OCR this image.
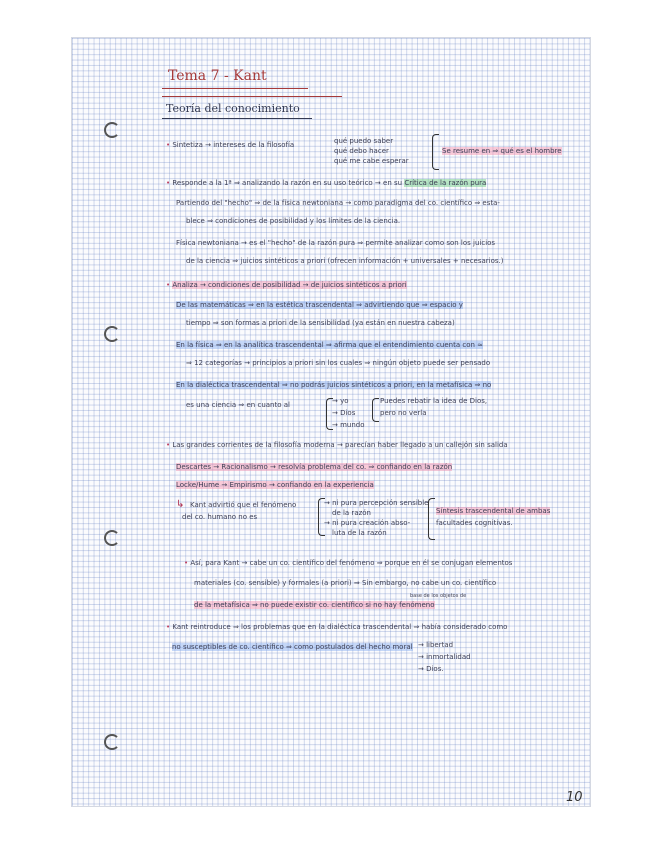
Tema 7 - Kant
Teoría del conocimiento
• Sintetiza → intereses de la filosofía	qué puedo saber
qué debo hacer
qué me cabe esperar
Se resume en ⇒ qué es el hombre
• Responde a la 1ª ⇒ analizando la razón en su uso teórico → en su Crítica de la razón pura
Partiendo del "hecho" ⇒ de la física newtoniana → como paradigma del co. científico ⇒ esta-
blece ⇒ condiciones de posibilidad y los límites de la ciencia.
Física newtoniana → es el "hecho" de la razón pura ⇒ permite analizar como son los juicios
de la ciencia ⇒ juicios sintéticos a priori (ofrecen información + universales + necesarios.)
• Analiza → condiciones de posibilidad → de juicios sintéticos a priori
De las matemáticas ⇒ en la estética trascendental ⇒ advirtiendo que ⇒ espacio y
tiempo ⇒ son formas a priori de la sensibilidad (ya están en nuestra cabeza)
En la física ⇒ en la analítica trascendental ⇒ afirma que el entendimiento cuenta con ≈
⇒ 12 categorías → principios a priori sin los cuales ⇒ ningún objeto puede ser pensado
En la dialéctica trascendental ⇒ no podrás juicios sintéticos a priori, en la metafísica ⇒ no
es una ciencia ⇒ en cuanto al	→ yo
→ Dios
→ mundo
Puedes rebatir la idea de Dios,
pero no verla
• Las grandes corrientes de la filosofía moderna → parecían haber llegado a un callejón sin salida
Descartes → Racionalismo → resolvía problema del co. ⇒ confiando en la razón
Locke/Hume → Empirismo → confiando en la experiencia
↳ Kant advirtió que el fenómeno
del co. humano no es
→ ni pura percepción sensible
de la razón
→ ni pura creación abso-
luta de la razón
Síntesis trascendental de ambas
facultades cognitivas.
• Así, para Kant → cabe un co. científico del fenómeno ⇒ porque en él se conjugan elementos
materiales (co. sensible) y formales (a priori) ⇒ Sin embargo, no cabe un co. científico
base de los objetos de
de la metafísica ⇒ no puede existir co. científico si no hay fenómeno
• Kant reintroduce ⇒ los problemas que en la dialéctica trascendental ⇒ había considerado como
no susceptibles de co. científico ⇒ como postulados del hecho moral → libertad
→ inmortalidad
→ Dios.
10
